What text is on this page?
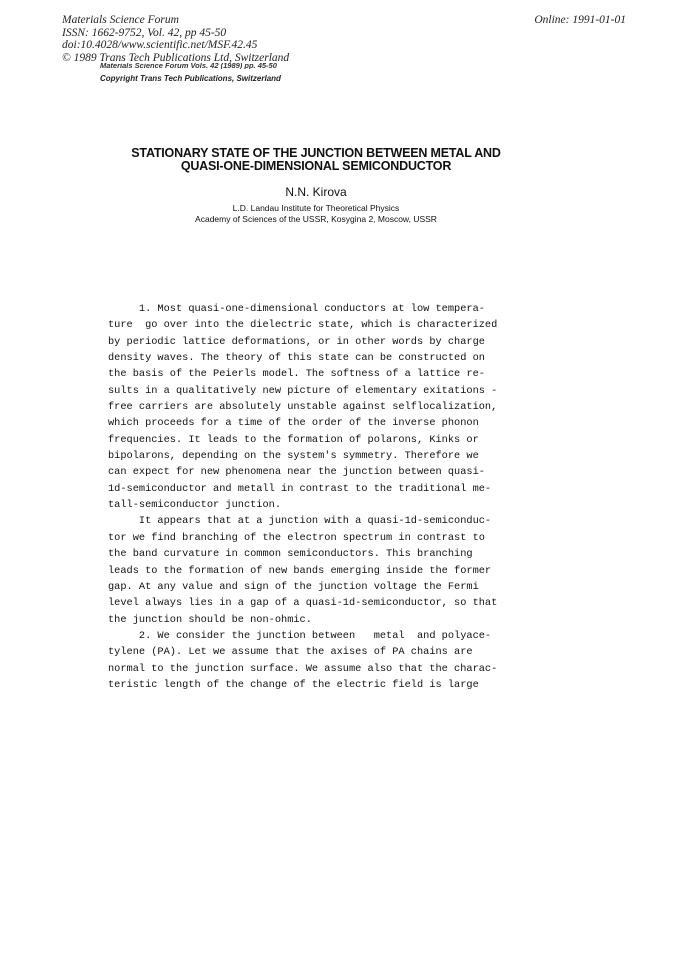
Materials Science Forum
ISSN: 1662-9752, Vol. 42, pp 45-50
doi:10.4028/www.scientific.net/MSF.42.45
© 1989 Trans Tech Publications Ltd, Switzerland
Online: 1991-01-01
Materials Science Forum Vols. 42 (1989) pp. 45-50
Copyright Trans Tech Publications, Switzerland
STATIONARY STATE OF THE JUNCTION BETWEEN METAL AND
QUASI-ONE-DIMENSIONAL SEMICONDUCTOR
N.N. Kirova
L.D. Landau Institute for Theoretical Physics
Academy of Sciences of the USSR, Kosygina 2, Moscow, USSR
1. Most quasi-one-dimensional conductors at low tempera-
ture  go over into the dielectric state, which is characterized
by periodic lattice deformations, or in other words by charge
density waves. The theory of this state can be constructed on
the basis of the Peierls model. The softness of a lattice re-
sults in a qualitatively new picture of elementary exitations -
free carriers are absolutely unstable against selflocalization,
which proceeds for a time of the order of the inverse phonon
frequencies. It leads to the formation of polarons, Kinks or
bipolarons, depending on the system's symmetry. Therefore we
can expect for new phenomena near the junction between quasi-
1d-semiconductor and metall in contrast to the traditional me-
tall-semiconductor junction.
It appears that at a junction with a quasi-1d-semiconduc-
tor we find branching of the electron spectrum in contrast to
the band curvature in common semiconductors. This branching
leads to the formation of new bands emerging inside the former
gap. At any value and sign of the junction voltage the Fermi
level always lies in a gap of a quasi-1d-semiconductor, so that
the junction should be non-ohmic.
2. We consider the junction between   metal  and polyace-
tylene (PA). Let we assume that the axises of PA chains are
normal to the junction surface. We assume also that the charac-
teristic length of the change of the electric field is large
